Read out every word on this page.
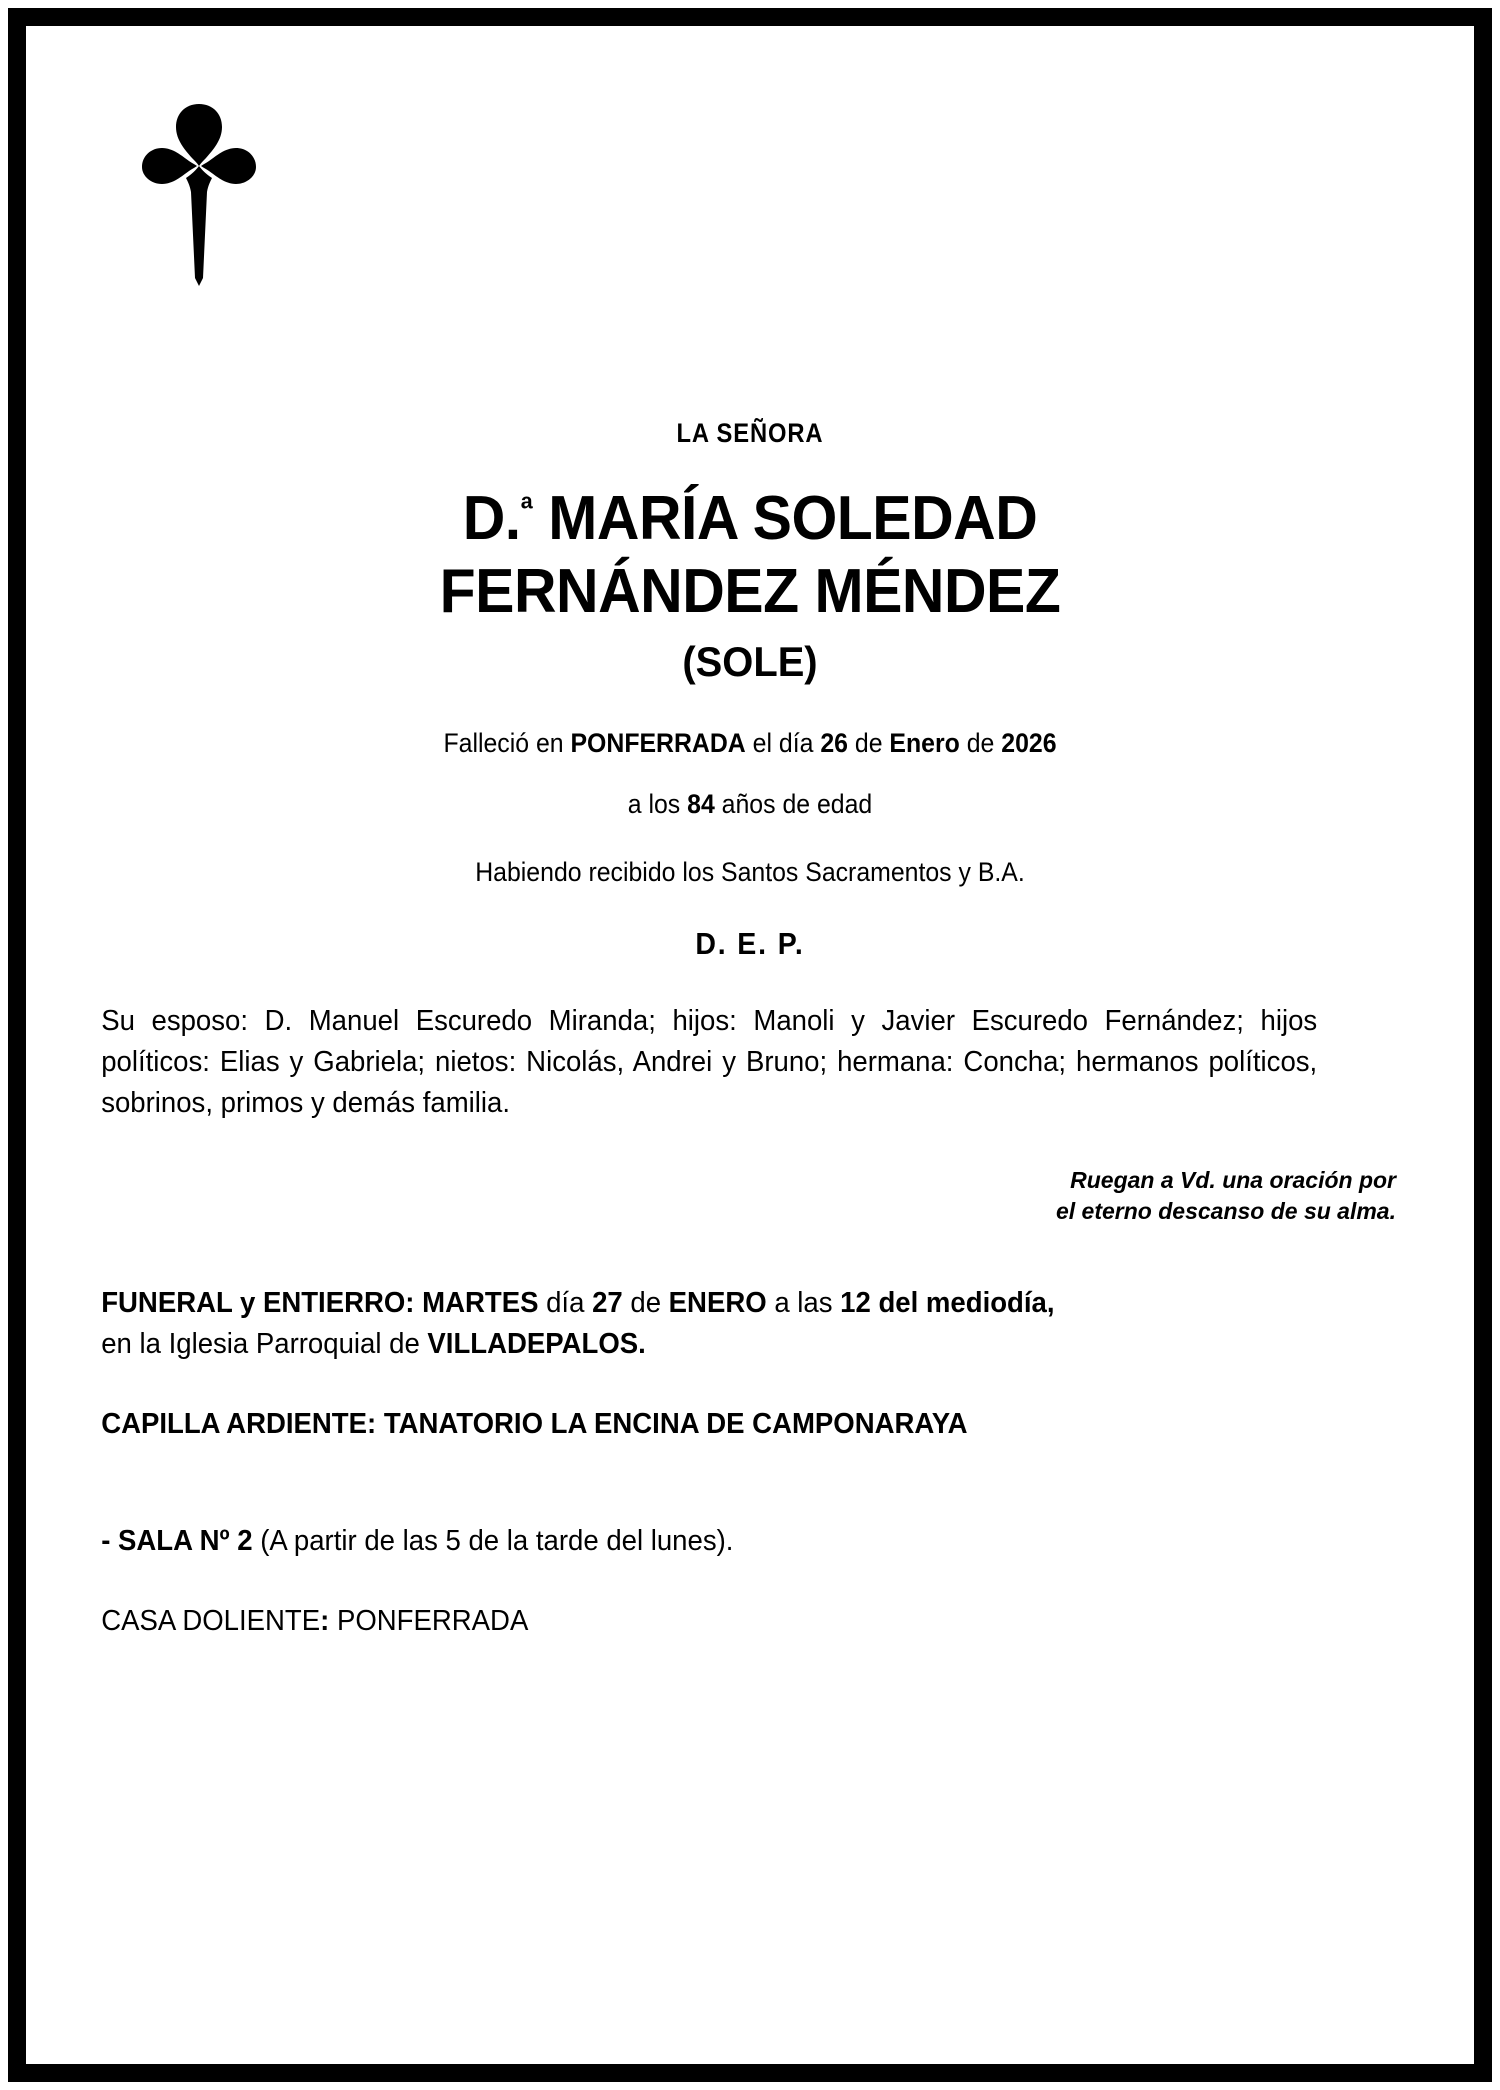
LA SEÑORA

D.$^ª$ MARÍA SOLEDAD
FERNÁNDEZ MÉNDEZ

(SOLE)

Falleció en PONFERRADA el día 26 de Enero de 2026

a los 84 años de edad

Habiendo recibido los Santos Sacramentos y B.A.

D. E. P.

Su esposo: D. Manuel Escuredo Miranda; hijos: Manoli y Javier Escuredo Fernández; hijos políticos: Elias y Gabriela; nietos: Nicolás, Andrei y Bruno; hermana: Concha; hermanos políticos, sobrinos, primos y demás familia.

Ruegan a Vd. una oración por
el eterno descanso de su alma.

FUNERAL y ENTIERRO: MARTES día 27 de ENERO a las 12 del mediodía,
en la Iglesia Parroquial de VILLADEPALOS.

CAPILLA ARDIENTE: TANATORIO LA ENCINA DE CAMPONARAYA

-SALA Nº 2 (A partir de las 5 de la tarde del lunes).

CASA DOLIENTE: PONFERRADA
